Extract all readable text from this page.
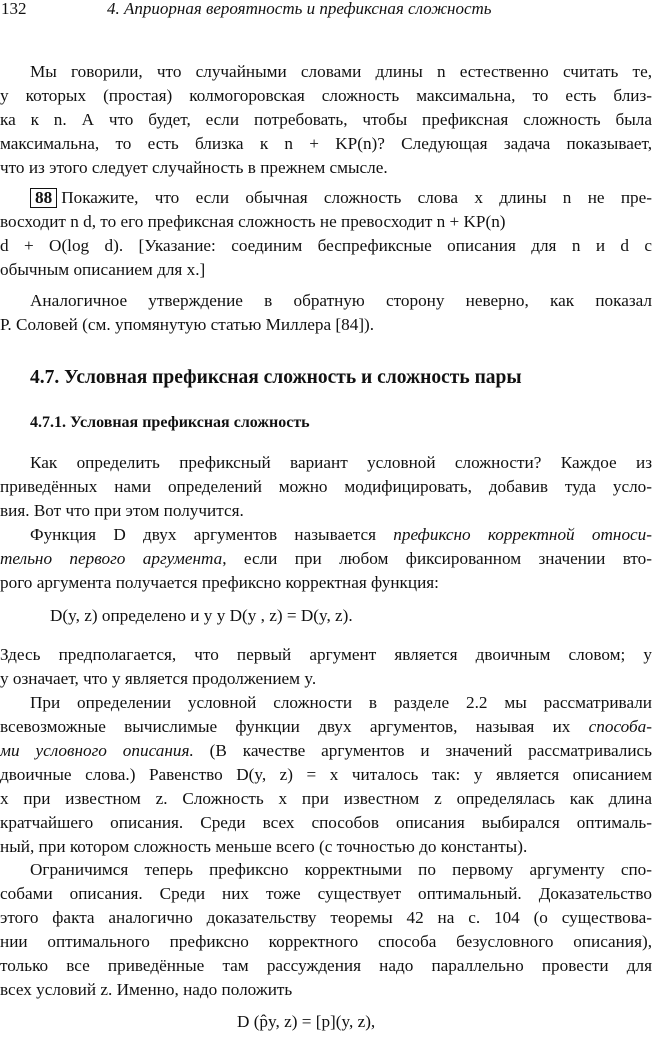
132	4. Априорная вероятность и префиксная сложность
Мы говорили, что случайными словами длины n естественно считать те,
у которых (простая) колмогоровская сложность максимальна, то есть близ-
ка к n. А что будет, если потребовать, чтобы префиксная сложность была
максимальна, то есть близка к n + KP(n)? Следующая задача показывает,
что из этого следует случайность в прежнем смысле.
88 Покажите, что если обычная сложность слова x длины n не пре-
восходит n d, то его префиксная сложность не превосходит n + KP(n)
d + O(log d). [Указание: соединим беспрефиксные описания для n и d с
обычным описанием для x.]
Аналогичное утверждение в обратную сторону неверно, как показал
Р. Соловей (см. упомянутую статью Миллера [84]).
4.7. Условная префиксная сложность и сложность пары
4.7.1. Условная префиксная сложность
Как определить префиксный вариант условной сложности? Каждое из
приведённых нами определений можно модифицировать, добавив туда усло-
вия. Вот что при этом получится.
Функция D двух аргументов называется префиксно корректной относи-
тельно первого аргумента, если при любом фиксированном значении вто-
рого аргумента получается префиксно корректная функция:
D(y, z) определено и y y D(y , z) = D(y, z).
Здесь предполагается, что первый аргумент является двоичным словом; y
y означает, что y является продолжением y.
При определении условной сложности в разделе 2.2 мы рассматривали
всевозможные вычислимые функции двух аргументов, называя их способа-
ми условного описания. (В качестве аргументов и значений рассматривались
двоичные слова.) Равенство D(y, z) = x читалось так: y является описанием
x при известном z. Сложность x при известном z определялась как длина
кратчайшего описания. Среди всех способов описания выбирался оптималь-
ный, при котором сложность меньше всего (с точностью до константы).
Ограничимся теперь префиксно корректными по первому аргументу спо-
собами описания. Среди них тоже существует оптимальный. Доказательство
этого факта аналогично доказательству теоремы 42 на с. 104 (о существова-
нии оптимального префиксно корректного способа безусловного описания),
только все приведённые там рассуждения надо параллельно провести для
всех условий z. Именно, надо положить
D (p̂y, z) = [p](y, z),
